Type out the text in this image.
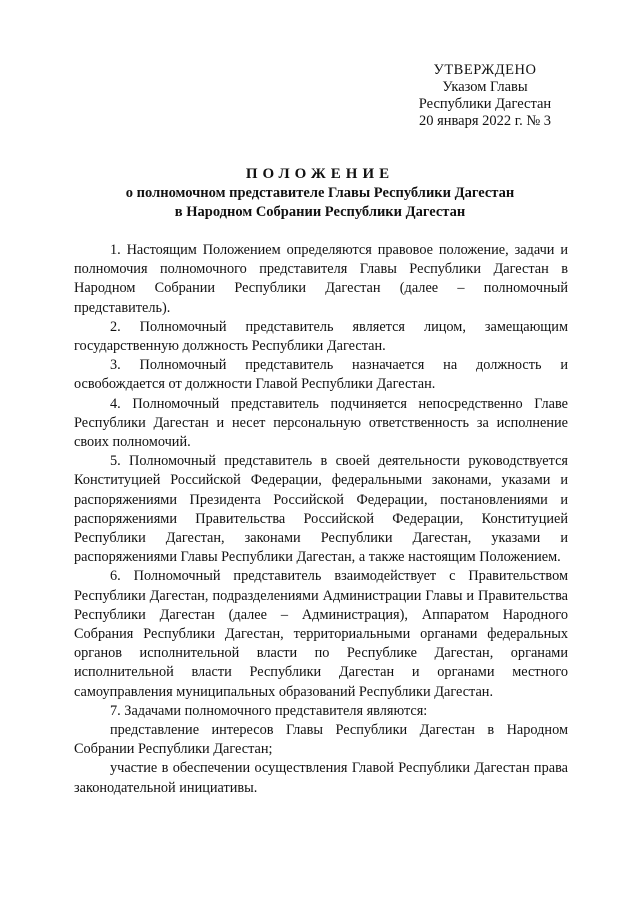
УТВЕРЖДЕНО
Указом Главы
Республики Дагестан
20 января 2022 г. № 3
ПОЛОЖЕНИЕ
о полномочном представителе Главы Республики Дагестан
в Народном Собрании Республики Дагестан

1. Настоящим Положением определяются правовое положение, задачи и полномочия полномочного представителя Главы Республики Дагестан в Народном Собрании Республики Дагестан (далее – полномочный представитель).

2. Полномочный представитель является лицом, замещающим государственную должность Республики Дагестан.

3. Полномочный представитель назначается на должность и освобождается от должности Главой Республики Дагестан.

4. Полномочный представитель подчиняется непосредственно Главе Республики Дагестан и несет персональную ответственность за исполнение своих полномочий.

5. Полномочный представитель в своей деятельности руководствуется Конституцией Российской Федерации, федеральными законами, указами и распоряжениями Президента Российской Федерации, постановлениями и распоряжениями Правительства Российской Федерации, Конституцией Республики Дагестан, законами Республики Дагестан, указами и распоряжениями Главы Республики Дагестан, а также настоящим Положением.

6. Полномочный представитель взаимодействует с Правительством Республики Дагестан, подразделениями Администрации Главы и Правительства Республики Дагестан (далее – Администрация), Аппаратом Народного Собрания Республики Дагестан, территориальными органами федеральных органов исполнительной власти по Республике Дагестан, органами исполнительной власти Республики Дагестан и органами местного самоуправления муниципальных образований Республики Дагестан.

7. Задачами полномочного представителя являются:

представление интересов Главы Республики Дагестан в Народном Собрании Республики Дагестан;

участие в обеспечении осуществления Главой Республики Дагестан права законодательной инициативы.
